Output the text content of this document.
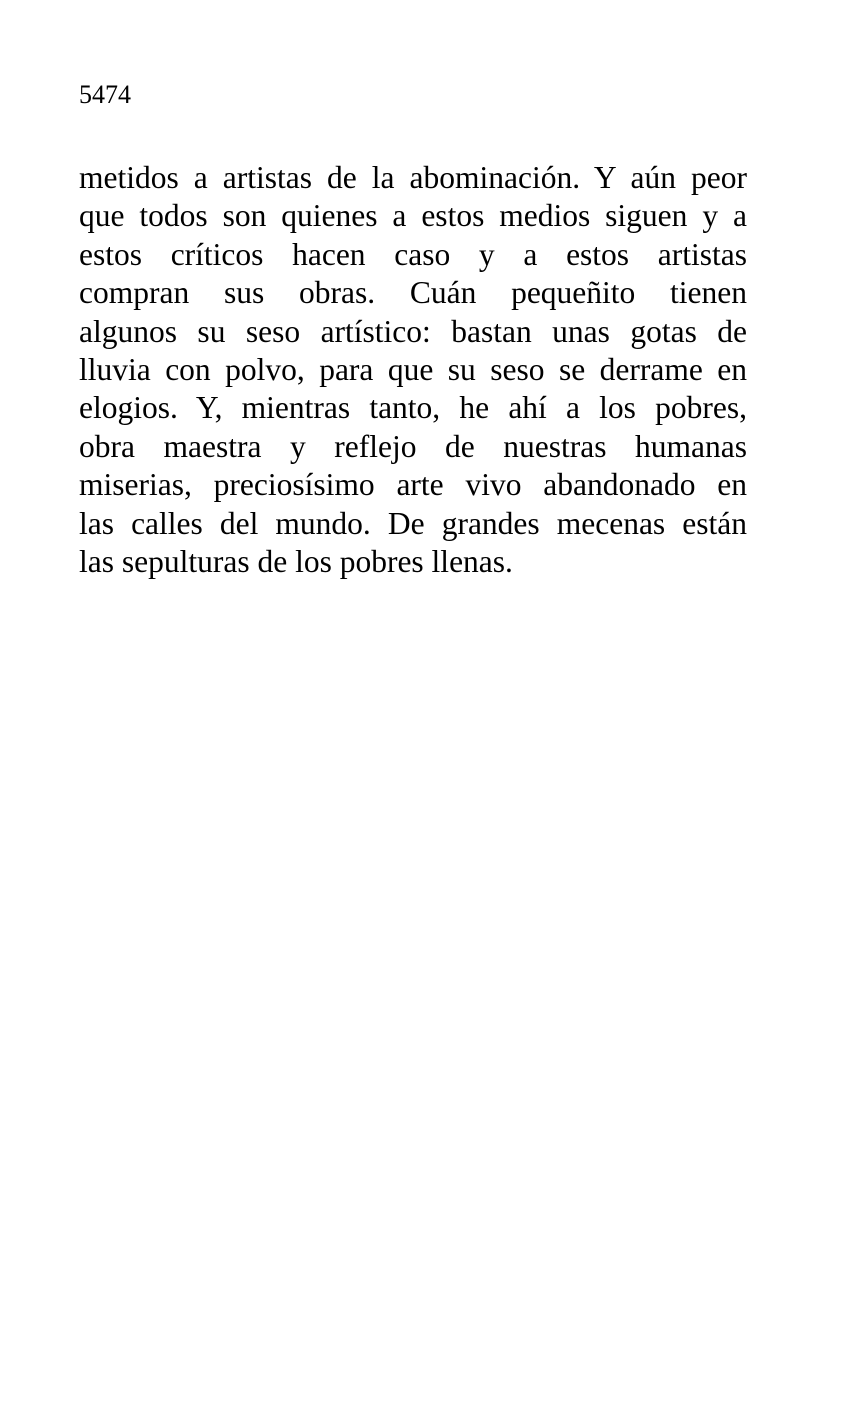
5474

metidos a artistas de la abominación. Y aún peor
que todos son quienes a estos medios siguen y a
estos críticos hacen caso y a estos artistas
compran sus obras. Cuán pequeñito tienen
algunos su seso artístico: bastan unas gotas de
lluvia con polvo, para que su seso se derrame en
elogios. Y, mientras tanto, he ahí a los pobres,
obra maestra y reflejo de nuestras humanas
miserias, preciosísimo arte vivo abandonado en
las calles del mundo. De grandes mecenas están
las sepulturas de los pobres llenas.
